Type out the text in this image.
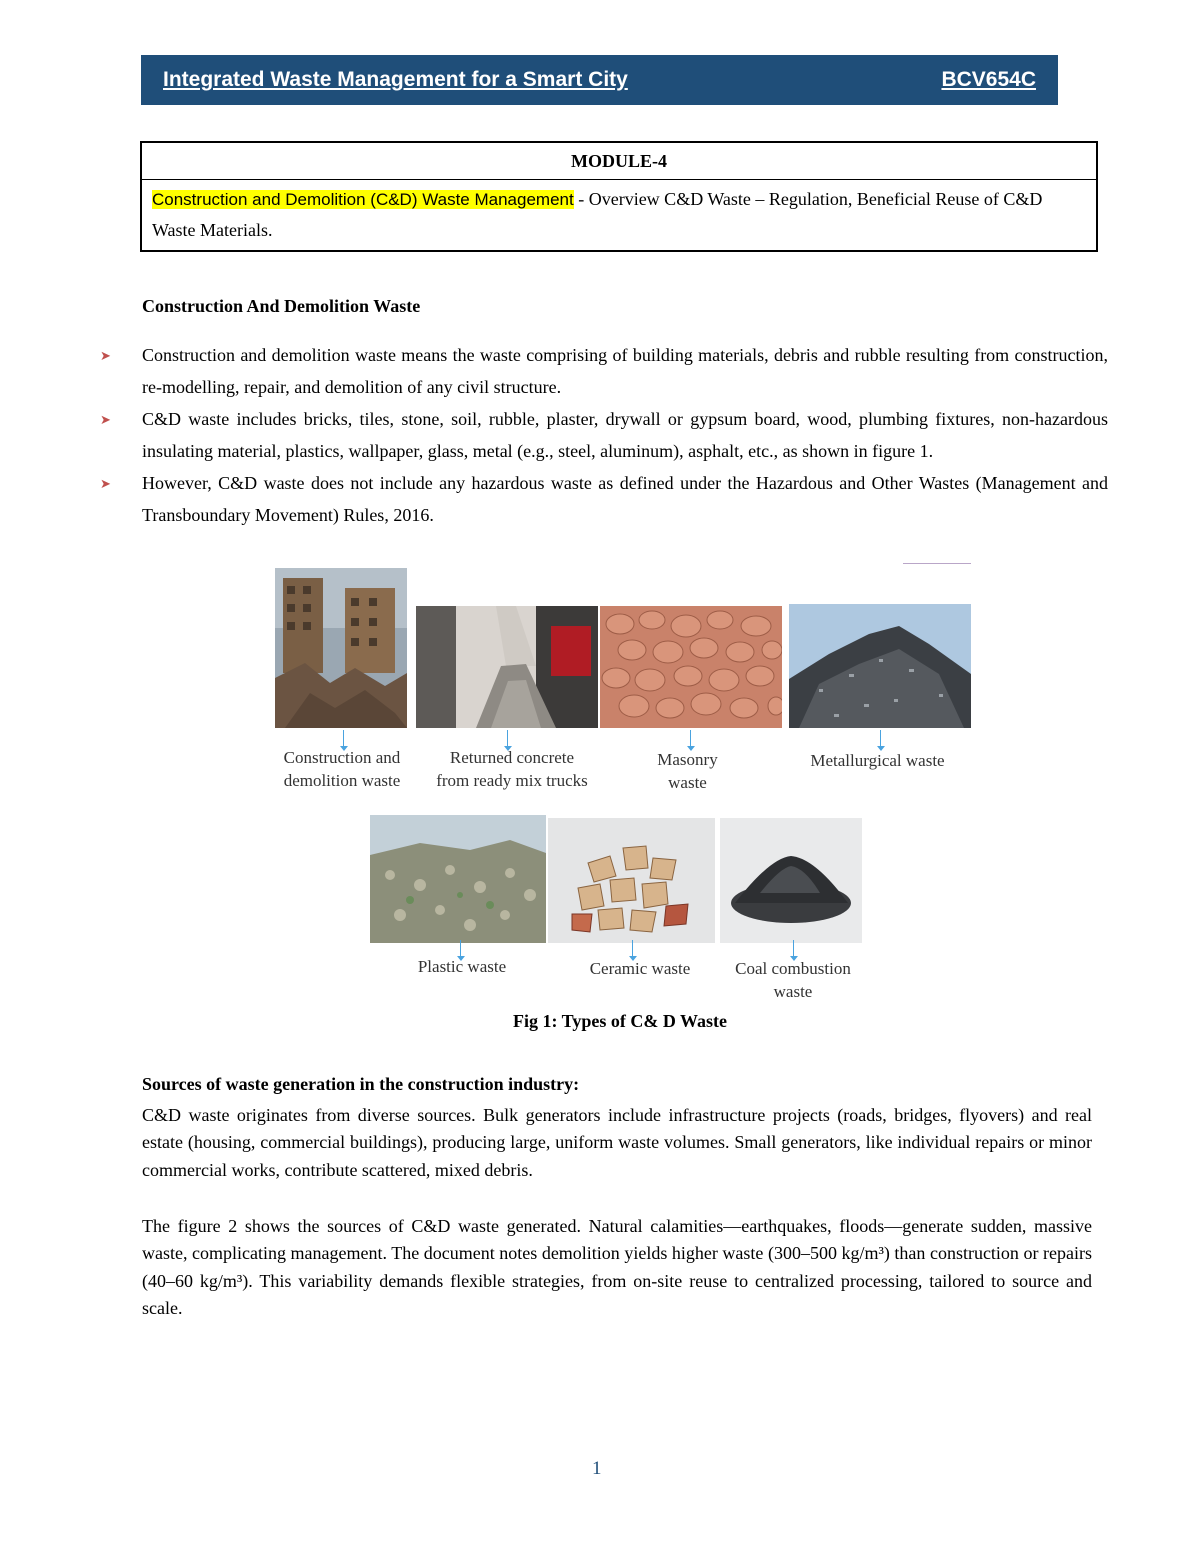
Integrated Waste Management for a Smart City	BCV654C
MODULE-4
Construction and Demolition (C&D) Waste Management - Overview C&D Waste – Regulation, Beneficial Reuse of C&D Waste Materials.
Construction And Demolition Waste
➤ Construction and demolition waste means the waste comprising of building materials, debris and rubble resulting from construction, re-modelling, repair, and demolition of any civil structure.
➤ C&D waste includes bricks, tiles, stone, soil, rubble, plaster, drywall or gypsum board, wood, plumbing fixtures, non-hazardous insulating material, plastics, wallpaper, glass, metal (e.g., steel, aluminum), asphalt, etc., as shown in figure 1.
➤ However, C&D waste does not include any hazardous waste as defined under the Hazardous and Other Wastes (Management and Transboundary Movement) Rules, 2016.
Construction and demolition waste
Returned concrete from ready mix trucks
Masonry waste
Metallurgical waste
Plastic waste	Ceramic waste	Coal combustion waste
Fig 1: Types of C& D Waste
Sources of waste generation in the construction industry:
C&D waste originates from diverse sources. Bulk generators include infrastructure projects (roads, bridges, flyovers) and real estate (housing, commercial buildings), producing large, uniform waste volumes. Small generators, like individual repairs or minor commercial works, contribute scattered, mixed debris.
The figure 2 shows the sources of C&D waste generated. Natural calamities—earthquakes, floods—generate sudden, massive waste, complicating management. The document notes demolition yields higher waste (300–500 kg/m³) than construction or repairs (40–60 kg/m³). This variability demands flexible strategies, from on-site reuse to centralized processing, tailored to source and scale.
1
